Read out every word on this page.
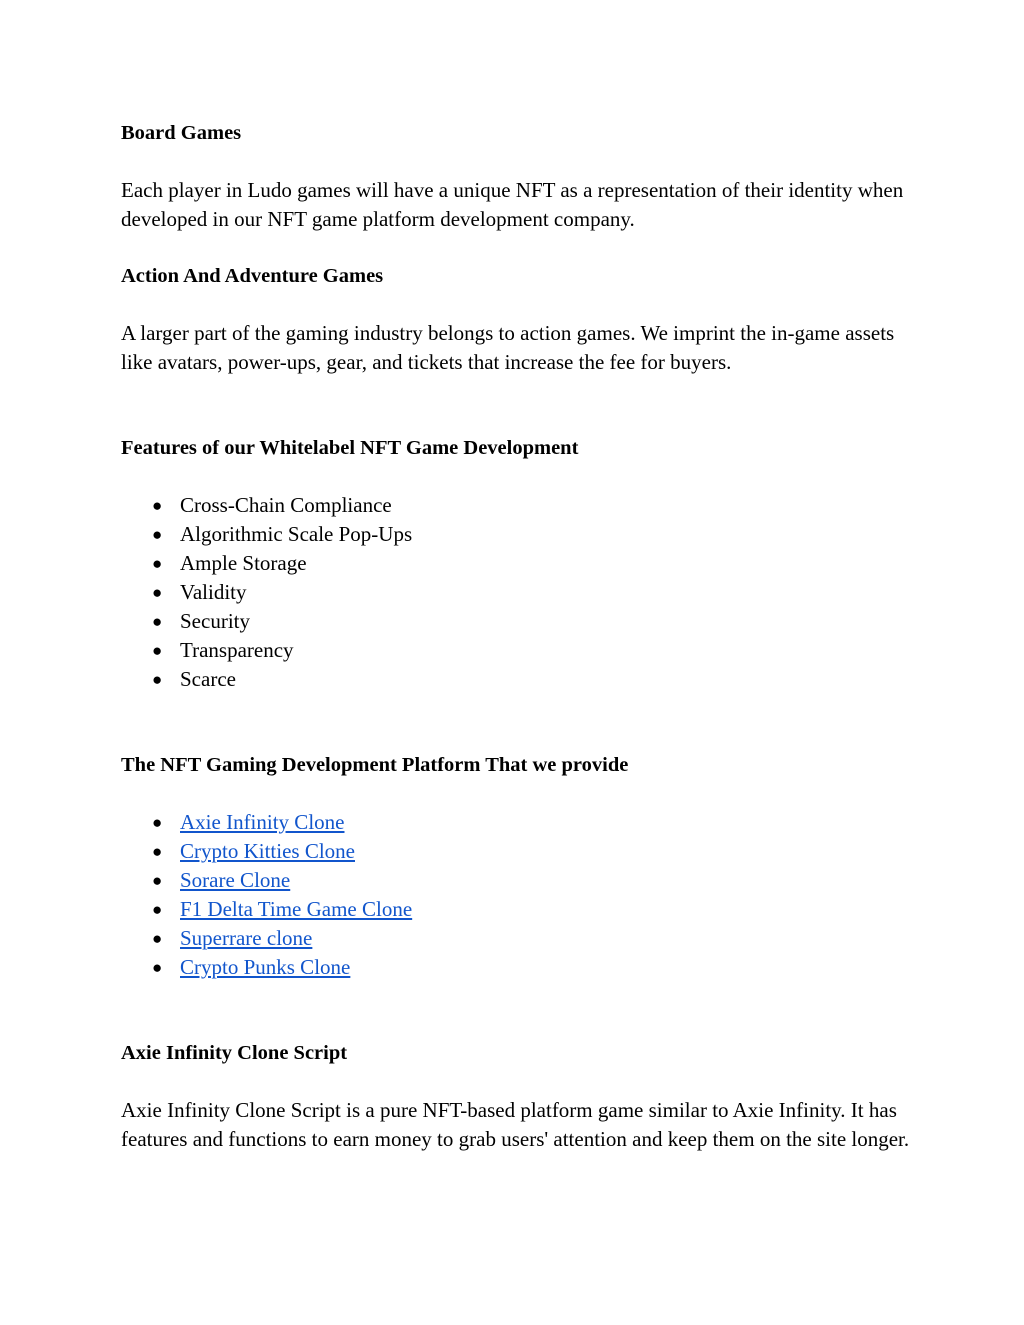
Board Games

Each player in Ludo games will have a unique NFT as a representation of their identity when developed in our NFT game platform development company.

Action And Adventure Games

A larger part of the gaming industry belongs to action games. We imprint the in-game assets like avatars, power-ups, gear, and tickets that increase the fee for buyers.

Features of our Whitelabel NFT Game Development

● Cross-Chain Compliance
● Algorithmic Scale Pop-Ups
● Ample Storage
● Validity
● Security
● Transparency
● Scarce

The NFT Gaming Development Platform That we provide

● Axie Infinity Clone
● Crypto Kitties Clone
● Sorare Clone
● F1 Delta Time Game Clone
● Superrare clone
● Crypto Punks Clone

Axie Infinity Clone Script

Axie Infinity Clone Script is a pure NFT-based platform game similar to Axie Infinity. It has features and functions to earn money to grab users' attention and keep them on the site longer.
